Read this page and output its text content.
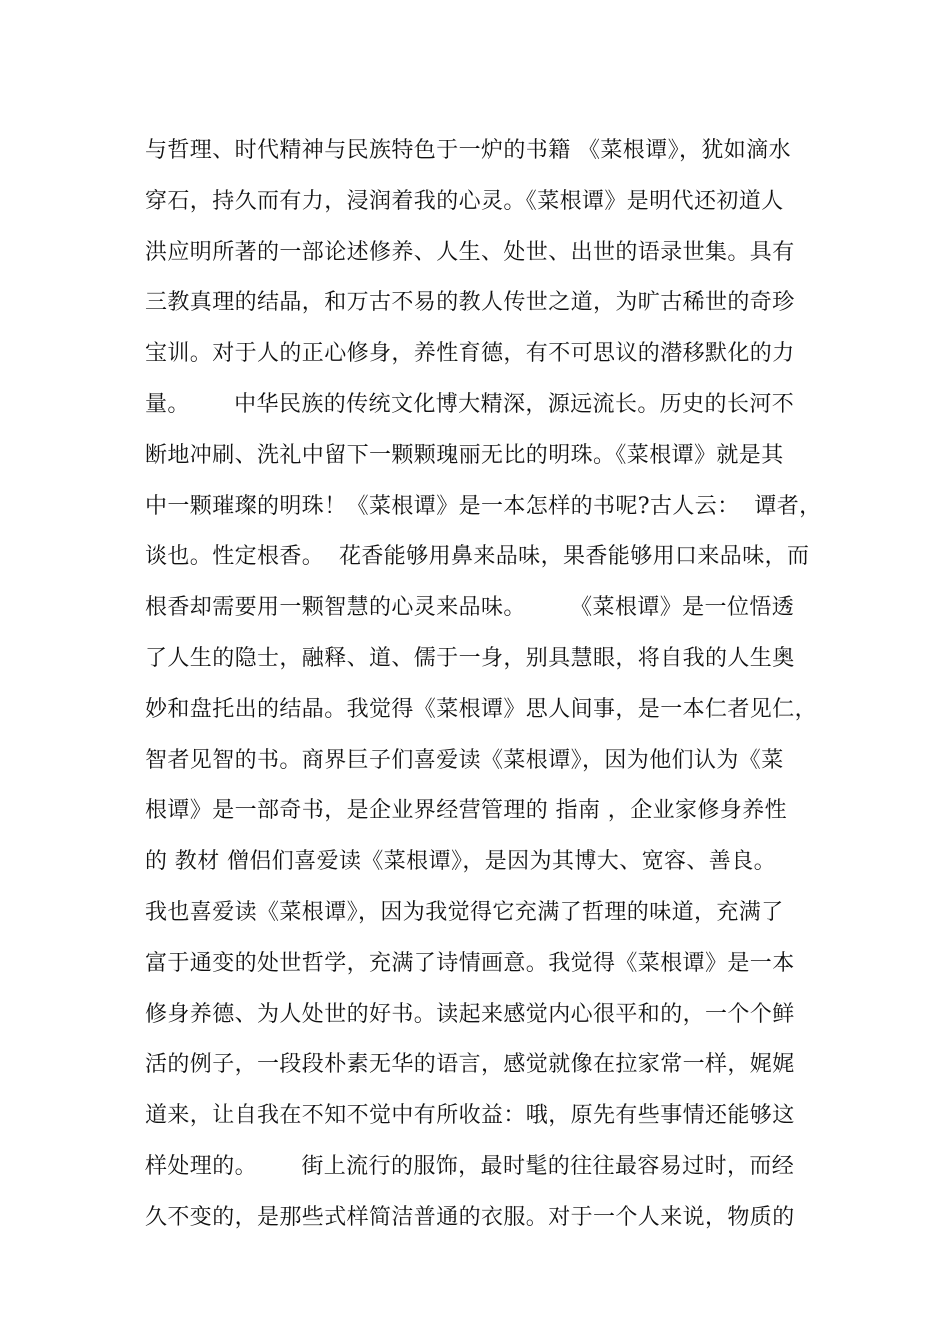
与哲理、时代精神与民族特色于一炉的书籍 《菜根谭》，犹如滴水
穿石，持久而有力，浸润着我的心灵。《菜根谭》是明代还初道人
洪应明所著的一部论述修养、人生、处世、出世的语录世集。具有
三教真理的结晶，和万古不易的教人传世之道，为旷古稀世的奇珍
宝训。对于人的正心修身，养性育德，有不可思议的潜移默化的力
量。      中华民族的传统文化博大精深，源远流长。历史的长河不
断地冲刷、洗礼中留下一颗颗瑰丽无比的明珠。《菜根谭》就是其
中一颗璀璨的明珠！《菜根谭》是一本怎样的书呢?古人云：  谭者，
谈也。性定根香。  花香能够用鼻来品味，果香能够用口来品味，而
根香却需要用一颗智慧的心灵来品味。      《菜根谭》是一位悟透
了人生的隐士，融释、道、儒于一身，别具慧眼，将自我的人生奥
妙和盘托出的结晶。我觉得《菜根谭》思人间事，是一本仁者见仁，
智者见智的书。商界巨子们喜爱读《菜根谭》，因为他们认为《菜
根谭》是一部奇书，是企业界经营管理的 指南 ，企业家修身养性
的 教材 僧侣们喜爱读《菜根谭》，是因为其博大、宽容、善良。
我也喜爱读《菜根谭》，因为我觉得它充满了哲理的味道，充满了
富于通变的处世哲学，充满了诗情画意。我觉得《菜根谭》是一本
修身养德、为人处世的好书。读起来感觉内心很平和的，一个个鲜
活的例子，一段段朴素无华的语言，感觉就像在拉家常一样，娓娓
道来，让自我在不知不觉中有所收益：哦，原先有些事情还能够这
样处理的。      街上流行的服饰，最时髦的往往最容易过时，而经
久不变的，是那些式样简洁普通的衣服。对于一个人来说，物质的
